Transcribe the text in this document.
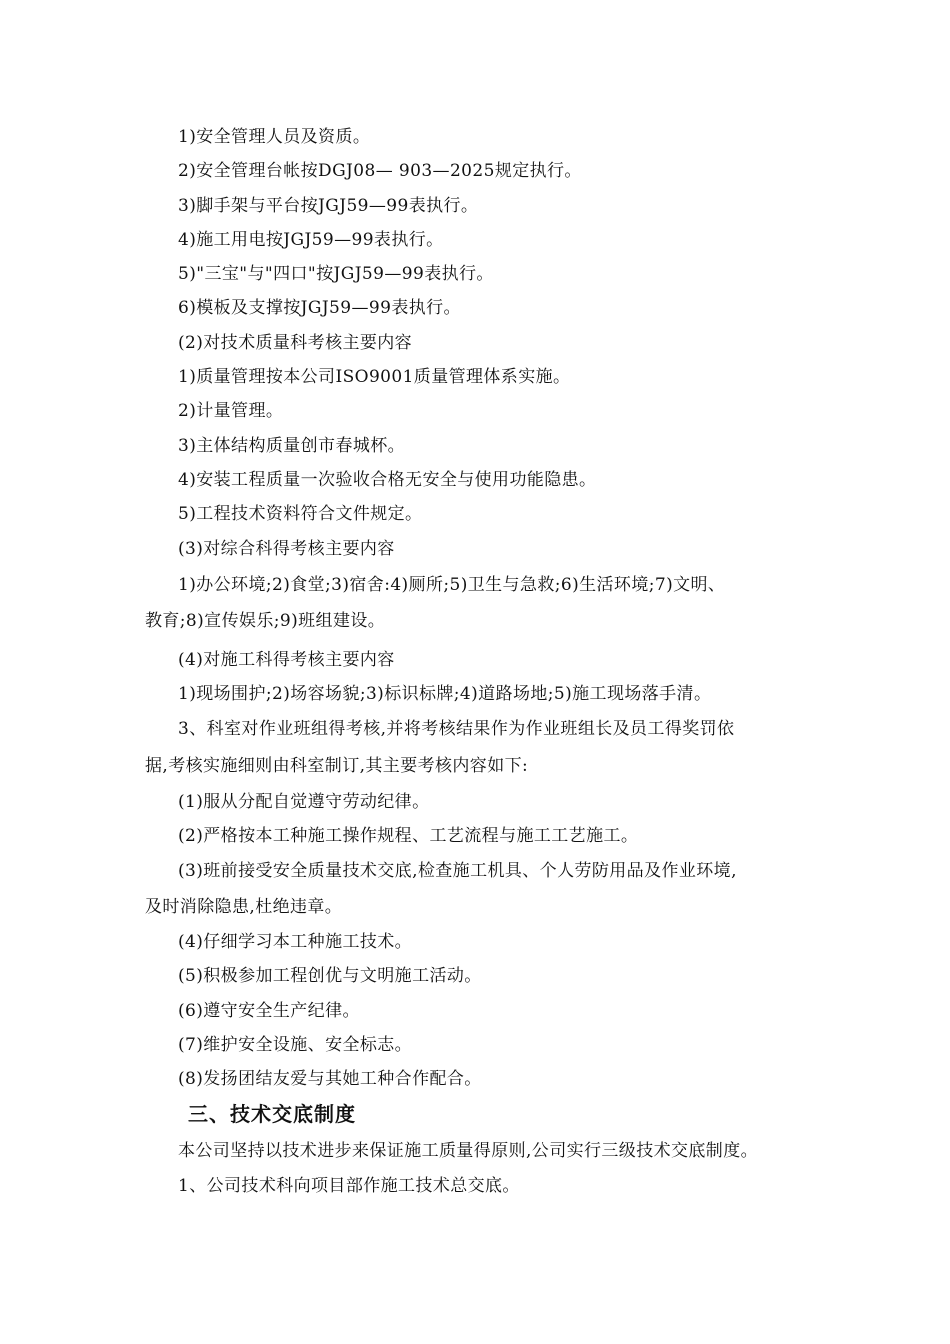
1)安全管理人员及资质。
2)安全管理台帐按DGJ08— 903—2025规定执行。
3)脚手架与平台按JGJ59—99表执行。
4)施工用电按JGJ59—99表执行。
5)"三宝"与"四口"按JGJ59—99表执行。
6)模板及支撑按JGJ59—99表执行。
(2)对技术质量科考核主要内容
1)质量管理按本公司ISO9001质量管理体系实施。
2)计量管理。
3)主体结构质量创市春城杯。
4)安装工程质量一次验收合格无安全与使用功能隐患。
5)工程技术资料符合文件规定。
(3)对综合科得考核主要内容
1)办公环境;2)食堂;3)宿舍:4)厕所;5)卫生与急救;6)生活环境;7)文明、
教育;8)宣传娱乐;9)班组建设。
(4)对施工科得考核主要内容
1)现场围护;2)场容场貌;3)标识标牌;4)道路场地;5)施工现场落手清。
3、科室对作业班组得考核,并将考核结果作为作业班组长及员工得奖罚依
据,考核实施细则由科室制订,其主要考核内容如下:
(1)服从分配自觉遵守劳动纪律。
(2)严格按本工种施工操作规程、工艺流程与施工工艺施工。
(3)班前接受安全质量技术交底,检查施工机具、个人劳防用品及作业环境,
及时消除隐患,杜绝违章。
(4)仔细学习本工种施工技术。
(5)积极参加工程创优与文明施工活动。
(6)遵守安全生产纪律。
(7)维护安全设施、安全标志。
(8)发扬团结友爱与其她工种合作配合。
三、技术交底制度
本公司坚持以技术进步来保证施工质量得原则,公司实行三级技术交底制度。
1、公司技术科向项目部作施工技术总交底。
